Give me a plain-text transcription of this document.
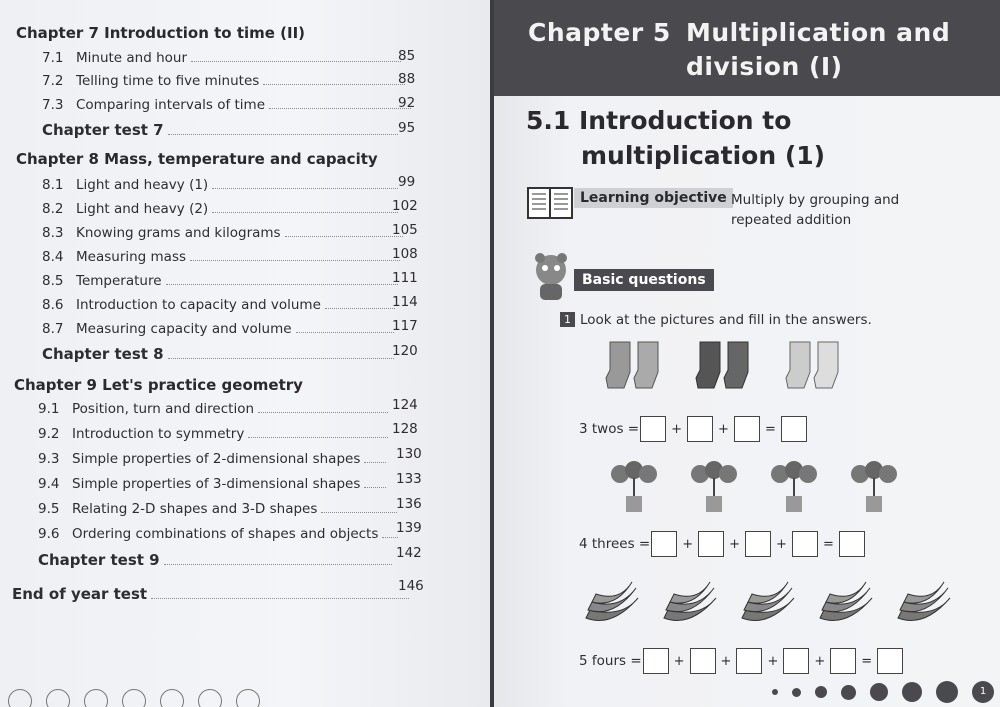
Chapter 7 Introduction to time (II)
7.1 Minute and hour	85
7.2 Telling time to five minutes	88
7.3 Comparing intervals of time	92
Chapter test 7	95
Chapter 8 Mass, temperature and capacity
8.1 Light and heavy (1)	99
8.2 Light and heavy (2)	102
8.3 Knowing grams and kilograms	105
8.4 Measuring mass	108
8.5 Temperature	111
8.6 Introduction to capacity and volume	114
8.7 Measuring capacity and volume	117
Chapter test 8	120
Chapter 9 Let's practice geometry
9.1 Position, turn and direction	124
9.2 Introduction to symmetry	128
9.3 Simple properties of 2-dimensional shapes	130
9.4 Simple properties of 3-dimensional shapes	133
9.5 Relating 2-D shapes and 3-D shapes	136
9.6 Ordering combinations of shapes and objects 139
Chapter test 9	142
End of year test	146
Chapter 5 Multiplication and
division (I)
5.1 Introduction to
multiplication (1)
Learning objective Multiply by grouping and
repeated addition
Basic questions
1 Look at the pictures and fill in the answers.
3 twos = +	+	=
4 threes = +	+	+	=
5 fours = +	+	+	+	=
1
